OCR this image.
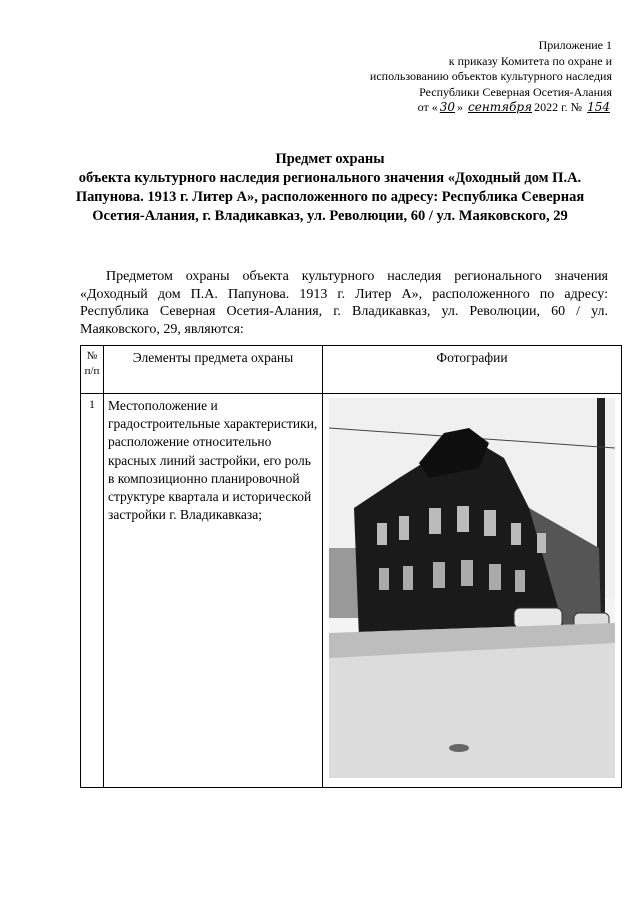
Приложение 1
к приказу Комитета по охране и
использованию объектов культурного наследия
Республики Северная Осетия-Алания
от « 30 » сентября 2022 г. № 154
Предмет охраны
объекта культурного наследия регионального значения «Доходный дом П.А. Папунова. 1913 г. Литер А», расположенного по адресу: Республика Северная Осетия-Алания, г. Владикавказ, ул. Революции, 60 / ул. Маяковского, 29
Предметом охраны объекта культурного наследия регионального значения «Доходный дом П.А. Папунова. 1913 г. Литер А», расположенного по адресу: Республика Северная Осетия-Алания, г. Владикавказ, ул. Революции, 60 / ул. Маяковского, 29, являются:
№ п/п	Элементы предмета охраны	Фотографии
1	Местоположение и градостроительные характеристики, расположение относительно красных линий застройки, его роль в композиционно планировочной структуре квартала и исторической застройки г. Владикавказа;	
